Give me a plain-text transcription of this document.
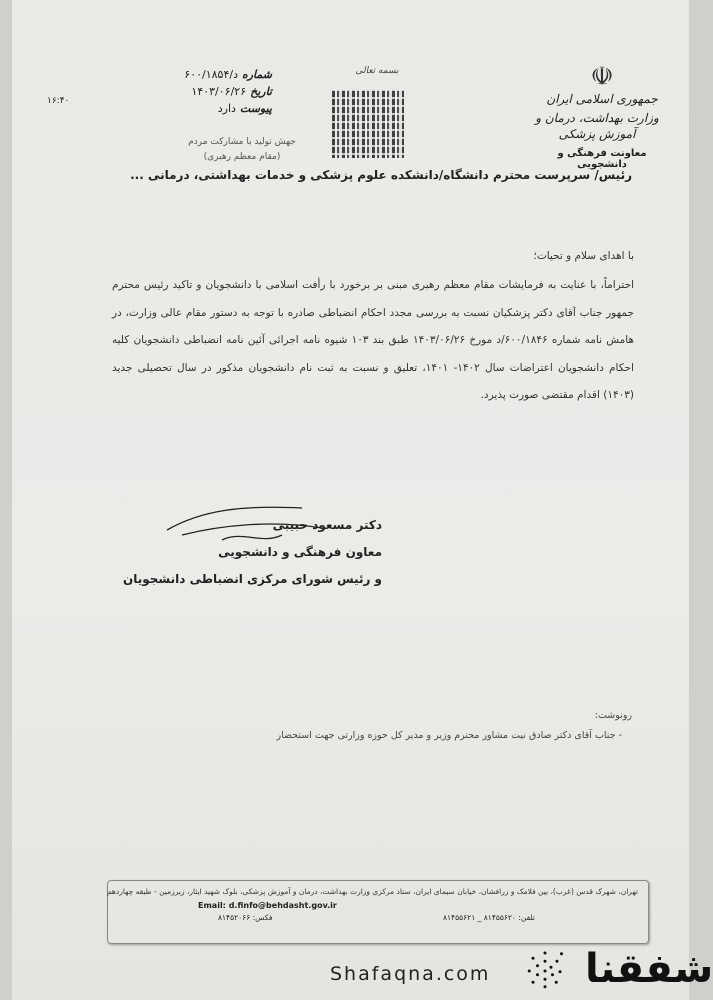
☫
جمهوری اسلامی ایران
وزارت بهداشت، درمان و آموزش پزشکی
معاونت فرهنگی و دانشجویی
بسمه تعالی
شماره
د/۶۰۰/۱۸۵۴
تاریخ
۱۴۰۳/۰۶/۲۶
پیوست
دارد
۱۶:۴۰
جهش تولید با مشارکت مردم
(مقام معظم رهبری)
رئیس/ سرپرست محترم دانشگاه/دانشکده علوم پزشکی و خدمات بهداشتی، درمانی ...
با اهدای سلام و تحیات؛

احتراماً، با عنایت به فرمایشات مقام معظم رهبری مبنی بر برخورد با رأفت اسلامی با دانشجویان و تاکید رئیس محترم جمهور جناب آقای دکتر پزشکیان نسبت به بررسی مجدد احکام انضباطی صادره با توجه به دستور مقام عالی وزارت، در هامش نامه شماره ۶۰۰/۱۸۴۶/د مورخ ۱۴۰۳/۰۶/۲۶ طبق بند ۱۰۳ شیوه نامه اجرائی آئین نامه انضباطی دانشجویان کلیه احکام دانشجویان اعتراضات سال ۱۴۰۲- ۱۴۰۱، تعلیق و نسبت به ثبت نام دانشجویان مذکور در سال تحصیلی جدید (۱۴۰۳) اقدام مقتضی صورت پذیرد.

دکتر مسعود حبیبی
معاون فرهنگی و دانشجویی
و رئیس شورای مرکزی انضباطی دانشجویان
رونوشت:
- جناب آقای دکتر صادق نیت مشاور محترم وزیر و مدیر کل حوزه وزارتی جهت استحضار
تهران، شهرک قدس (غرب)، بین فلامک و زرافشان، خیابان سیمای ایران، ستاد مرکزی وزارت بهداشت، درمان و آموزش پزشکی، بلوک شهید ایثار، زیرزمین - طبقه چهاردهم
Email: d.finfo@behdasht.gov.ir
فکس: ۸۱۴۵۲۰۶۶	تلفن: ۸۱۴۵۵۶۲۰ _ ۸۱۴۵۵۶۲۱
شفقنا
Shafaqna.com
